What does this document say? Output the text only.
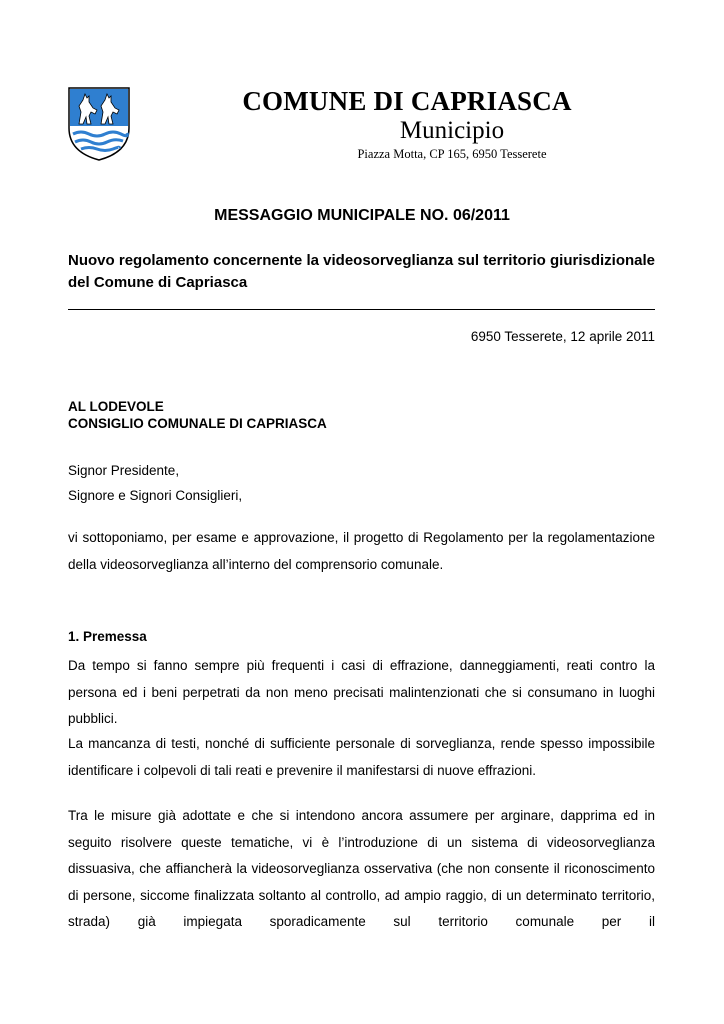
COMUNE DI CAPRIASCA
Municipio
Piazza Motta, CP 165, 6950 Tesserete
MESSAGGIO MUNICIPALE NO. 06/2011
Nuovo regolamento concernente la videosorveglianza sul territorio giurisdizionale del Comune di Capriasca
6950 Tesserete, 12 aprile 2011
AL LODEVOLE
CONSIGLIO COMUNALE DI CAPRIASCA
Signor Presidente,
Signore e Signori Consiglieri,
vi sottoponiamo, per esame e approvazione, il progetto di Regolamento per la regolamentazione della videosorveglianza all’interno del comprensorio comunale.
1. Premessa
Da tempo si fanno sempre più frequenti i casi di effrazione, danneggiamenti, reati contro la persona ed i beni perpetrati da non meno precisati malintenzionati che si consumano in luoghi pubblici.
La mancanza di testi, nonché di sufficiente personale di sorveglianza, rende spesso impossibile identificare i colpevoli di tali reati e prevenire il manifestarsi di nuove effrazioni.
Tra le misure già adottate e che si intendono ancora assumere per arginare, dapprima ed in seguito risolvere queste tematiche, vi è l’introduzione di un sistema di videosorveglianza dissuasiva, che affiancherà la videosorveglianza osservativa (che non consente il riconoscimento di persone, siccome finalizzata soltanto al controllo, ad ampio raggio, di un determinato territorio, strada) già impiegata sporadicamente sul territorio comunale per il
